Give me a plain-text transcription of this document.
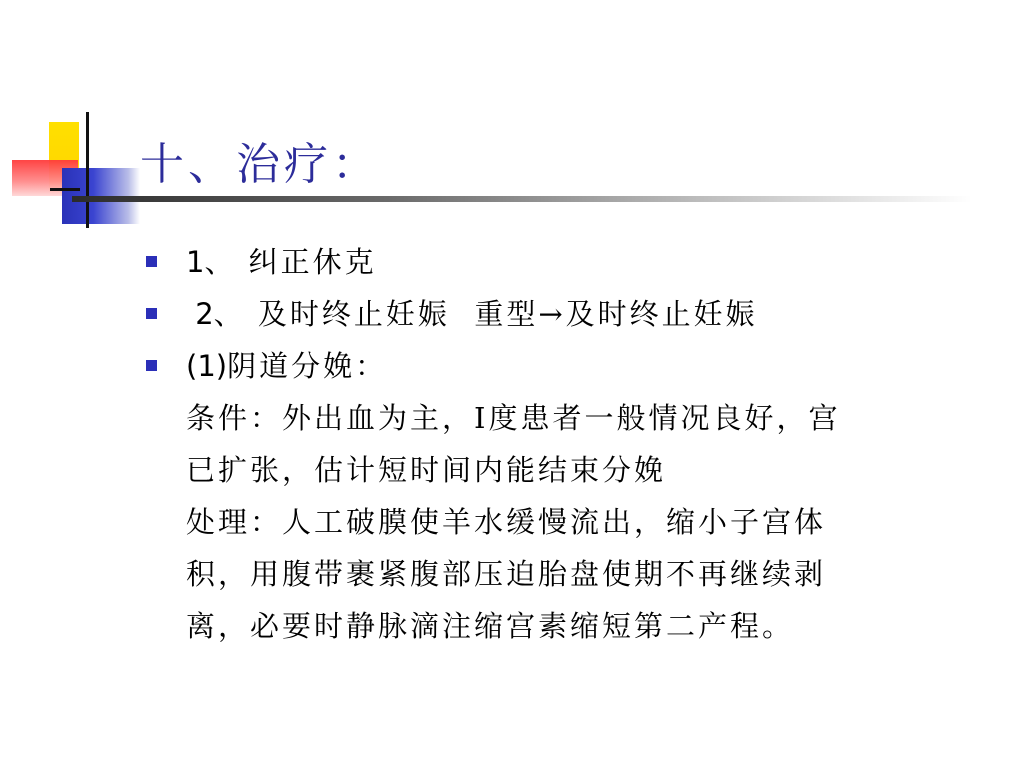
十、治疗：
1、 纠正休克
2、 及时终止妊娠  重型→及时终止妊娠
(1)阴道分娩：
条件：外出血为主，I度患者一般情况良好，宫
已扩张，估计短时间内能结束分娩
处理：人工破膜使羊水缓慢流出，缩小子宫体
积，用腹带裹紧腹部压迫胎盘使期不再继续剥
离，必要时静脉滴注缩宫素缩短第二产程。
